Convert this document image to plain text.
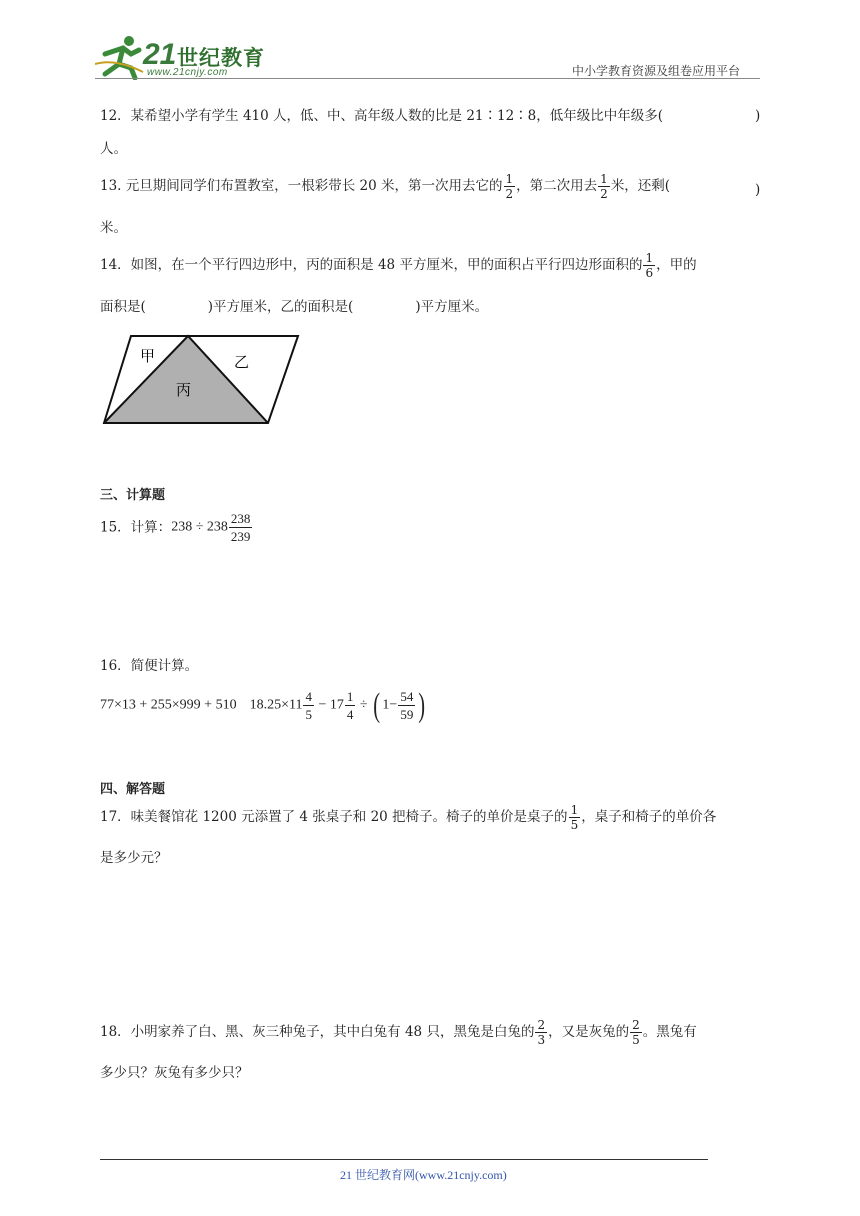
21 世纪教育
www.21cnjy.com	中小学教育资源及组卷应用平台
12．某希望小学有学生 410 人，低、中、高年级人数的比是 21∶12∶8，低年级比中年级多(	)
人。
13. 元旦期间同学们布置教室，一根彩带长 20 米，第一次用去它的 $\frac{1}{2}$ ，第二次用去 $\frac{1}{2}$ 米，还剩(	)
米。
14．如图，在一个平行四边形中，丙的面积是 48 平方厘米，甲的面积占平行四边形面积的 $\frac{1}{6}$ ，甲的
面积是(	)平方厘米，乙的面积是(	)平方厘米。
甲	乙
丙
三、计算题
15．计算：$238 \div 238 \frac{238}{239}$
16．简便计算。
77×13 + 255×999 + 510 $18.25\times 11 \frac{4}{5} - 17 \frac{1}{4}$ ÷ ( $1- \frac{54}{59}$ )
四、解答题
17．味美餐馆花 1200 元添置了 4 张桌子和 20 把椅子。椅子的单价是桌子的 $\frac{1}{5}$ ，桌子和椅子的单价各
是多少元？
18．小明家养了白、黑、灰三种兔子，其中白兔有 48 只，黑兔是白兔的 $\frac{2}{3}$ ，又是灰兔的 $\frac{2}{5}$ 。黑兔有
多少只？灰兔有多少只？
21 世纪教育网(www.21cnjy.com)
